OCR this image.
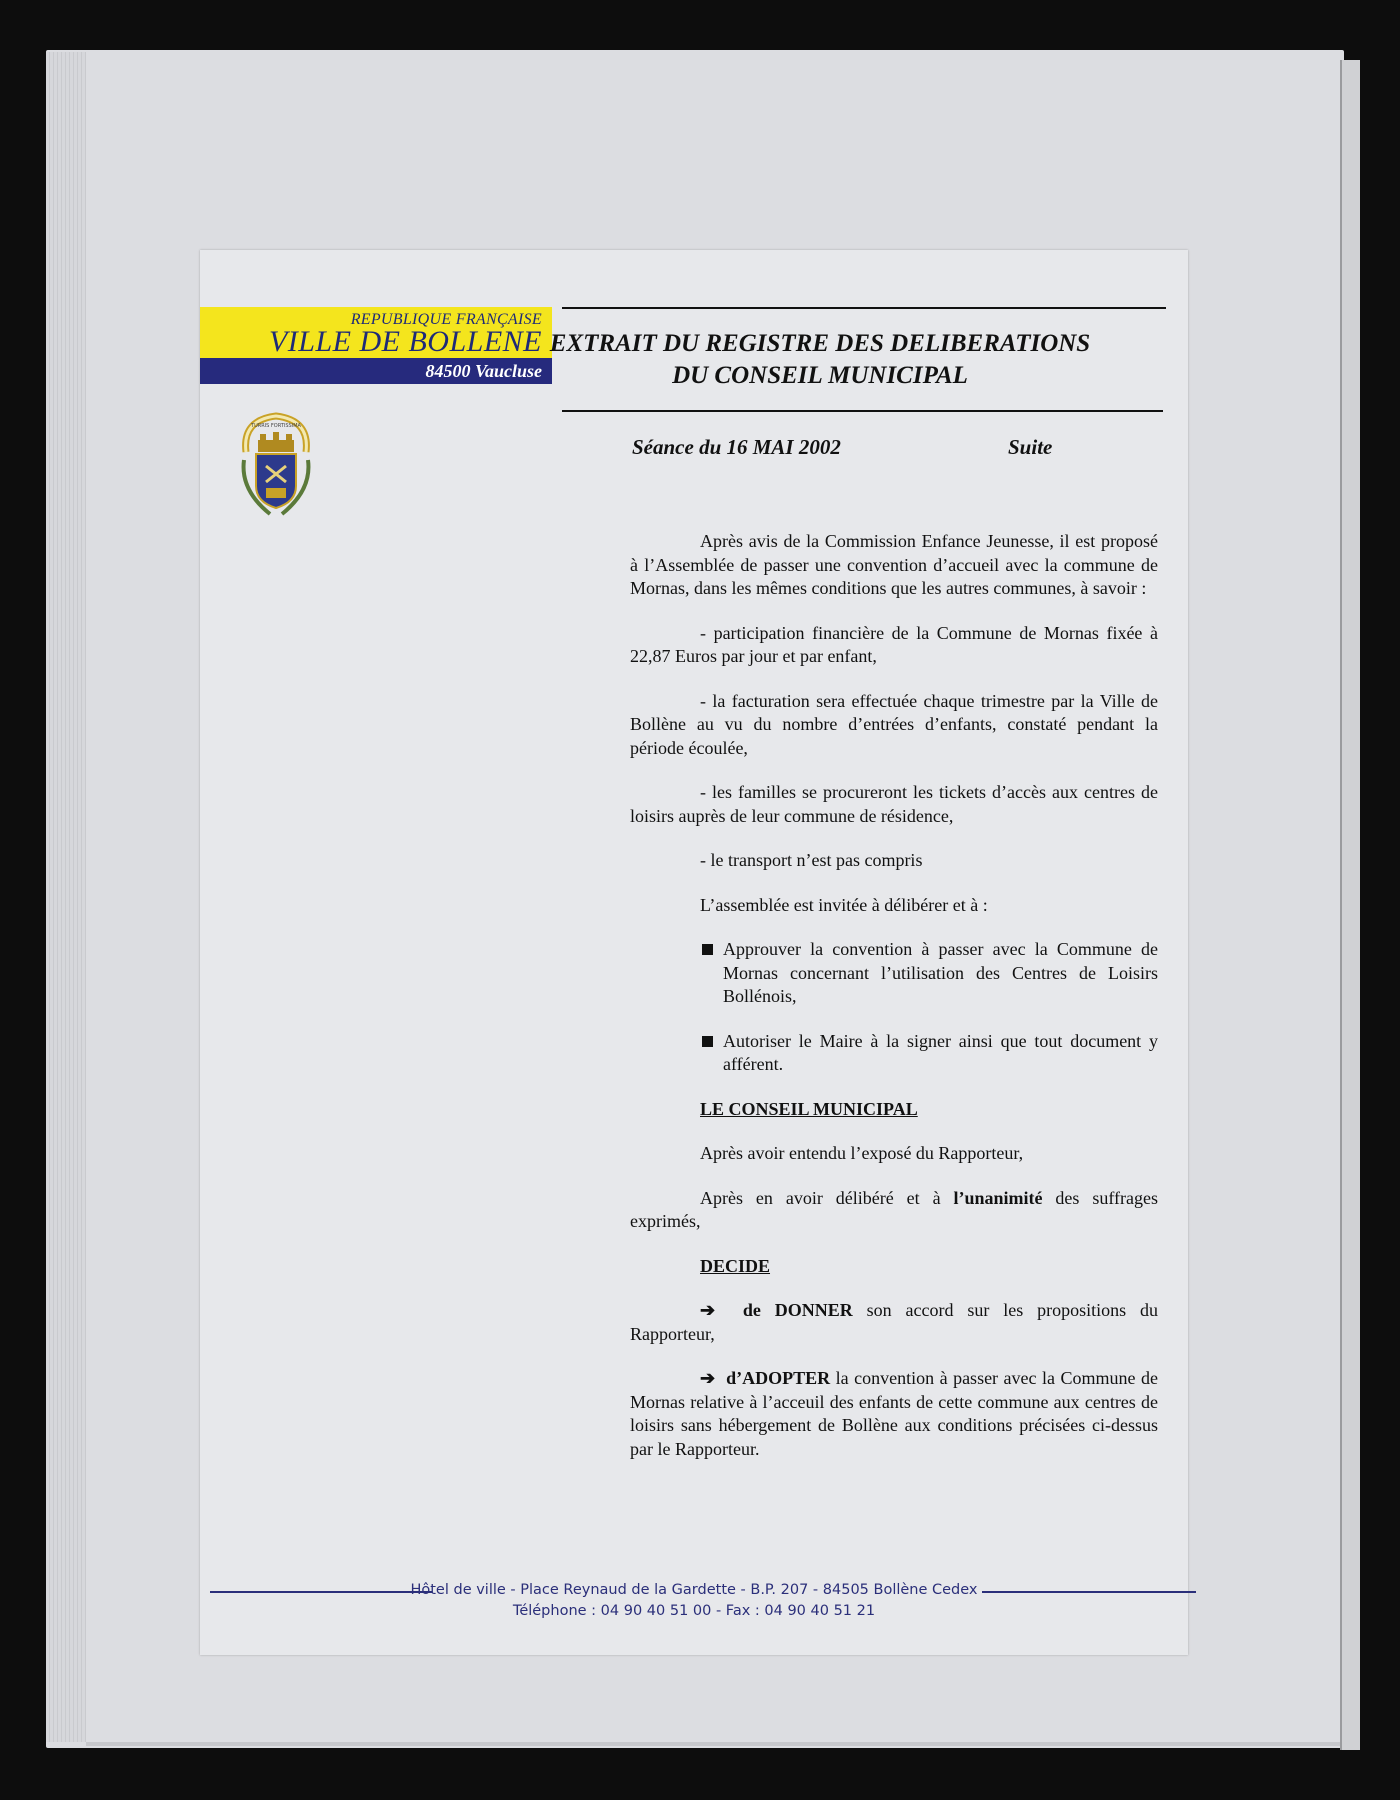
REPUBLIQUE FRANÇAISE
VILLE DE BOLLENE
84500 Vaucluse
TURRIS FORTISSIMA
EXTRAIT DU REGISTRE DES DELIBERATIONS
DU CONSEIL MUNICIPAL
Séance du 16 MAI 2002	Suite

Après avis de la Commission Enfance Jeunesse, il est proposé à l’Assemblée de passer une convention d’accueil avec la commune de Mornas, dans les mêmes conditions que les autres communes, à savoir :

- participation financière de la Commune de Mornas fixée à 22,87 Euros par jour et par enfant,

- la facturation sera effectuée chaque trimestre par la Ville de Bollène au vu du nombre d’entrées d’enfants, constaté pendant la période écoulée,

- les familles se procureront les tickets d’accès aux centres de loisirs auprès de leur commune de résidence,

- le transport n’est pas compris

L’assemblée est invitée à délibérer et à :

Approuver la convention à passer avec la Commune de Mornas concernant l’utilisation des Centres de Loisirs Bollénois,
Autoriser le Maire à la signer ainsi que tout document y afférent.

LE CONSEIL MUNICIPAL

Après avoir entendu l’exposé du Rapporteur,

Après en avoir délibéré et à l’unanimité des suffrages exprimés,

DECIDE

➔ de DONNER son accord sur les propositions du Rapporteur,

➔ d’ADOPTER la convention à passer avec la Commune de Mornas relative à l’acceuil des enfants de cette commune aux centres de loisirs sans hébergement de Bollène aux conditions précisées ci-dessus par le Rapporteur.

Hôtel de ville - Place Reynaud de la Gardette - B.P. 207 - 84505 Bollène Cedex
Téléphone : 04 90 40 51 00 - Fax : 04 90 40 51 21
